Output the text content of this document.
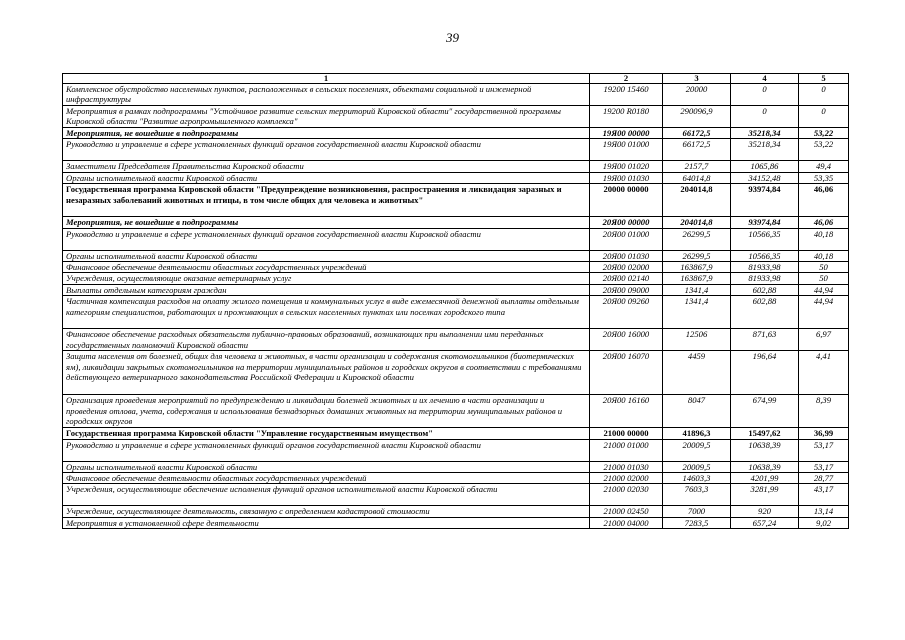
39
1	2	3	4	5
Комплексное обустройство населенных пунктов, расположенных в сельских поселениях, объектами социальной и инженерной инфраструктуры	19200 15460	20000	0	0
Мероприятия в рамках подпрограммы "Устойчивое развитие сельских территорий Кировской области" государственной программы Кировской области "Развитие агропромышленного комплекса"	19200 R0180	290096,9	0	0
Мероприятия, не вошедшие в подпрограммы	19Я00 00000	66172,5	35218,34	53,22
Руководство и управление в сфере установленных функций органов государственной власти Кировской области	19Я00 01000	66172,5	35218,34	53,22
Заместители Председателя Правительства Кировской области	19Я00 01020	2157,7	1065,86	49,4
Органы исполнительной власти Кировской области	19Я00 01030	64014,8	34152,48	53,35
Государственная программа Кировской области "Предупреждение возникновения, распространения и ликвидация заразных и незаразных заболеваний животных и птицы, в том числе общих для человека и животных"	20000 00000	204014,8	93974,84	46,06
Мероприятия, не вошедшие в подпрограммы	20Я00 00000	204014,8	93974,84	46,06
Руководство и управление в сфере установленных функций органов государственной власти Кировской области	20Я00 01000	26299,5	10566,35	40,18
Органы исполнительной власти Кировской области	20Я00 01030	26299,5	10566,35	40,18
Финансовое обеспечение деятельности областных государственных учреждений	20Я00 02000	163867,9	81933,98	50
Учреждения, осуществляющие оказание ветеринарных услуг	20Я00 02140	163867,9	81933,98	50
Выплаты отдельным категориям граждан	20Я00 09000	1341,4	602,88	44,94
Частичная компенсация расходов на оплату жилого помещения и коммунальных услуг в виде ежемесячной денежной выплаты отдельным категориям специалистов, работающих и проживающих в сельских населенных пунктах или поселках городского типа	20Я00 09260	1341,4	602,88	44,94
Финансовое обеспечение расходных обязательств публично-правовых образований, возникающих при выполнении ими переданных государственных полномочий Кировской области	20Я00 16000	12506	871,63	6,97
Защита населения от болезней, общих для человека и животных, в части организации и содержания скотомогильников (биотермических ям), ликвидации закрытых скотомогильников на территории муниципальных районов и городских округов в соответствии с требованиями действующего ветеринарного законодательства Российской Федерации и Кировской области	20Я00 16070	4459	196,64	4,41
Организация проведения мероприятий по предупреждению и ликвидации болезней животных и их лечению в части организации и проведения отлова, учета, содержания и использования безнадзорных домашних животных на территории муниципальных районов и городских округов	20Я00 16160	8047	674,99	8,39
Государственная программа Кировской области "Управление государственным имуществом"	21000 00000	41896,3	15497,62	36,99
Руководство и управление в сфере установленных функций органов государственной власти Кировской области	21000 01000	20009,5	10638,39	53,17
Органы исполнительной власти Кировской области	21000 01030	20009,5	10638,39	53,17
Финансовое обеспечение деятельности областных государственных учреждений	21000 02000	14603,3	4201,99	28,77
Учреждения, осуществляющие обеспечение исполнения функций органов исполнительной власти Кировской области	21000 02030	7603,3	3281,99	43,17
Учреждение, осуществляющее деятельность, связанную с определением кадастровой стоимости	21000 02450	7000	920	13,14
Мероприятия в установленной сфере деятельности	21000 04000	7283,5	657,24	9,02
